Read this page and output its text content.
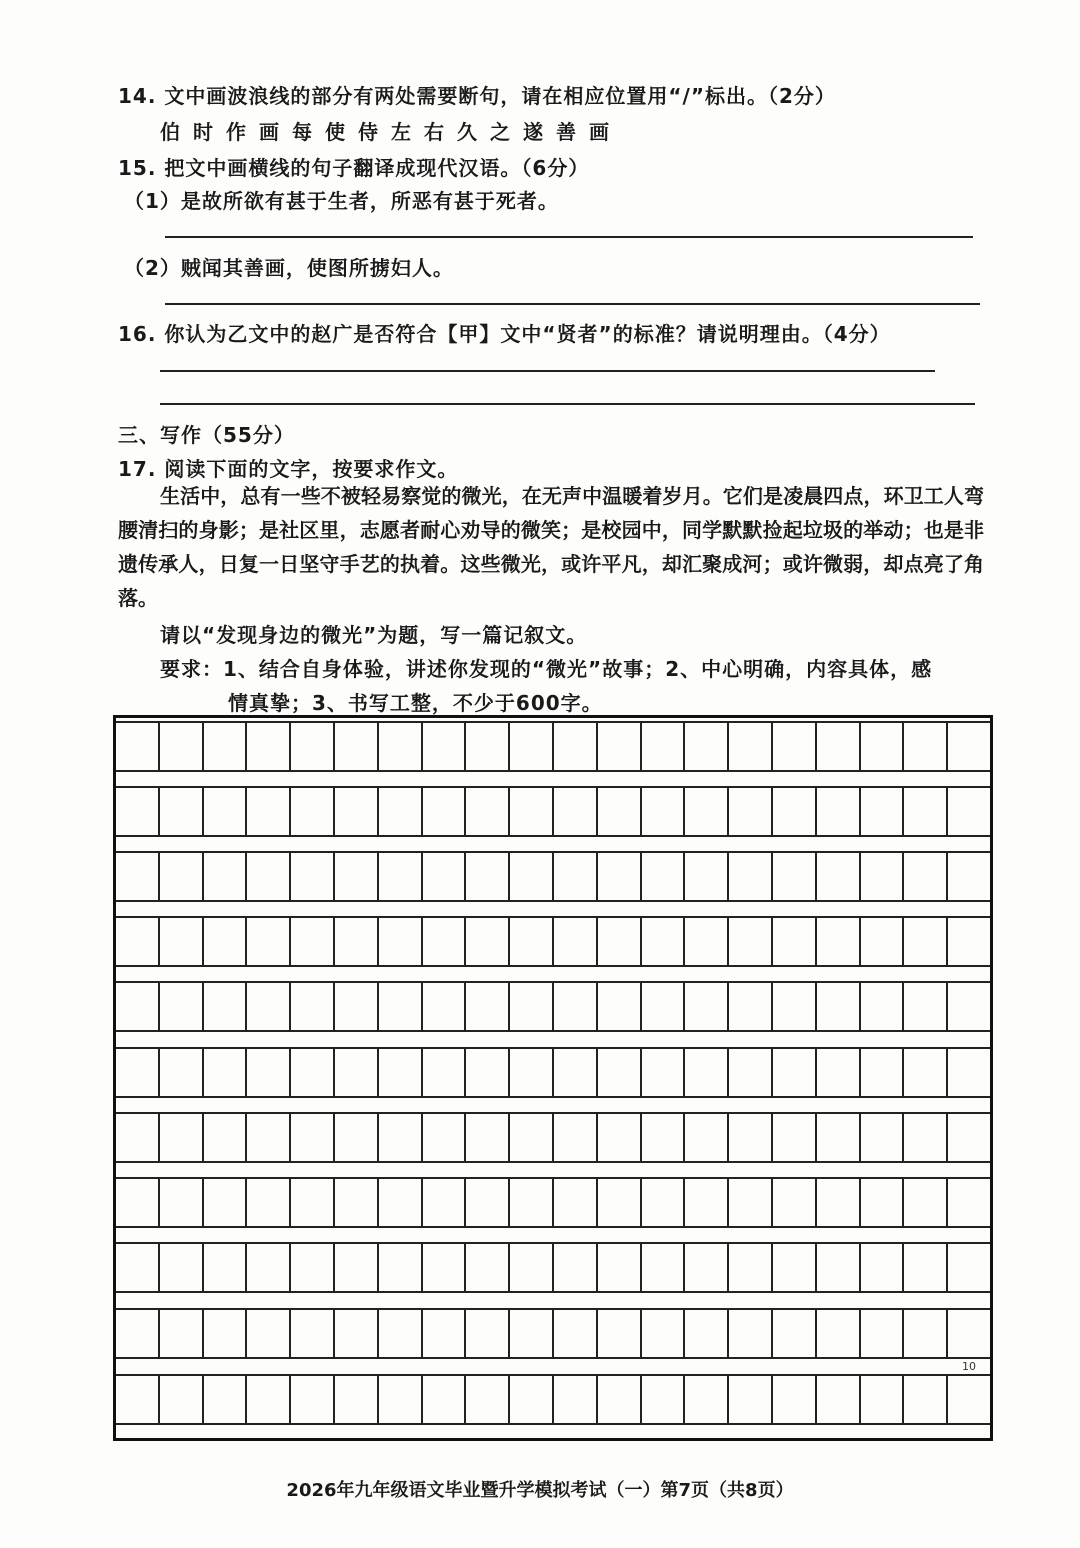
14. 文中画波浪线的部分有两处需要断句，请在相应位置用“/”标出。（2分）
伯时作画每使侍左右久之遂善画
15. 把文中画横线的句子翻译成现代汉语。（6分）
（1）是故所欲有甚于生者，所恶有甚于死者。
（2）贼闻其善画，使图所掳妇人。
16. 你认为乙文中的赵广是否符合【甲】文中“贤者”的标准？请说明理由。（4分）
三、写作（55分）
17. 阅读下面的文字，按要求作文。
生活中，总有一些不被轻易察觉的微光，在无声中温暖着岁月。它们是凌晨四点，环卫工人弯腰清扫的身影；是社区里，志愿者耐心劝导的微笑；是校园中，同学默默捡起垃圾的举动；也是非遗传承人，日复一日坚守手艺的执着。这些微光，或许平凡，却汇聚成河；或许微弱，却点亮了角落。
请以“发现身边的微光”为题，写一篇记叙文。
要求：1、结合自身体验，讲述你发现的“微光”故事；2、中心明确，内容具体，感
情真挚；3、书写工整，不少于600字。
10
2026年九年级语文毕业暨升学模拟考试（一）第7页（共8页）
